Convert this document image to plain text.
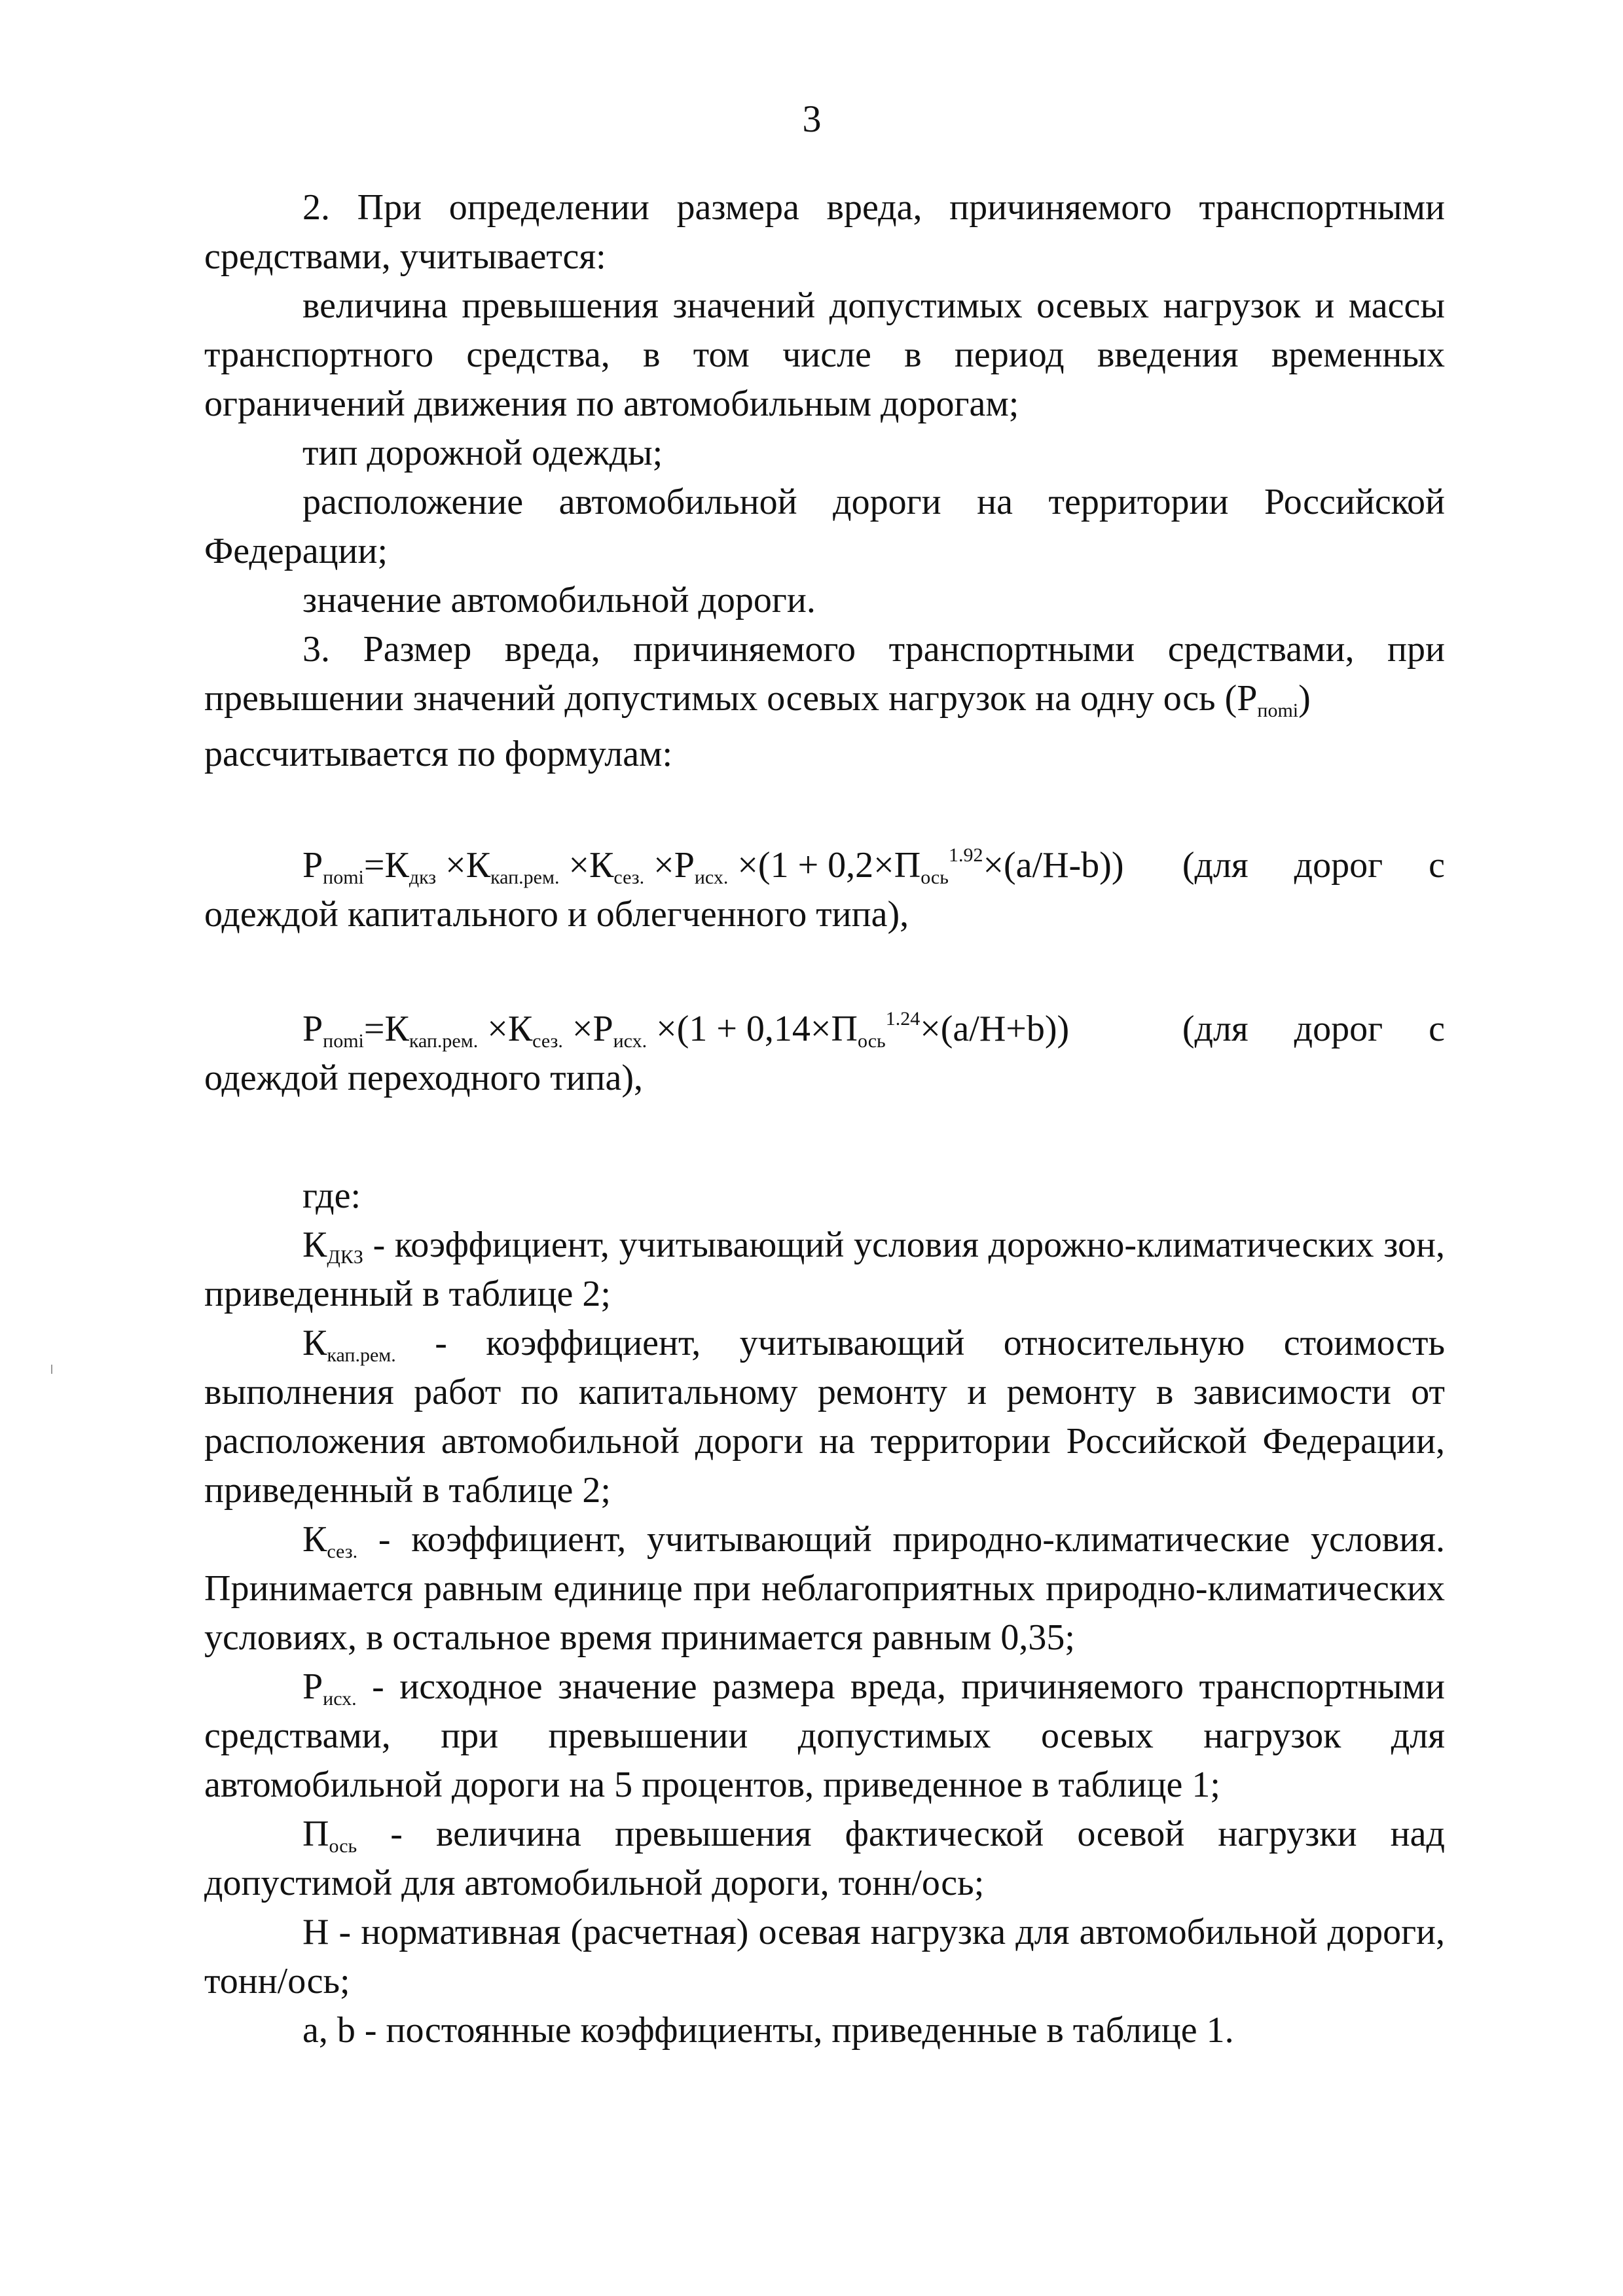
3

2. При определении размера вреда, причиняемого транспортными средствами, учитывается:

величина превышения значений допустимых осевых нагрузок и массы транспортного средства, в том числе в период введения временных ограничений движения по автомобильным дорогам;

тип дорожной одежды;

расположение автомобильной дороги на территории Российской Федерации;

значение автомобильной дороги.

3. Размер вреда, причиняемого транспортными средствами, при превышении значений допустимых осевых нагрузок на одну ось $(Р_{поmi})$

рассчитывается по формулам:

$Р_{поmi}=К_{дкз} \times К_{кап.рем.} \times К_{сез.} \times Р_{исх.} \times(1 + 0,2\times П_{ось}^{1.92}\times(a/H-b))$	(для дорог с

одеждой капитального и облегченного типа),

$Р_{поmi}=К_{кап.рем.} \times К_{сез.} \times Р_{исх.} \times(1 + 0,14\times П_{ось}^{1.24}\times(a/H+b))$	(для дорог с

одеждой переходного типа),

где:

$К_{ДКЗ}$ - коэффициент, учитывающий условия дорожно-климатических зон, приведенный в таблице 2;

$К_{кап.рем.}$ - коэффициент, учитывающий относительную стоимость выполнения работ по капитальному ремонту и ремонту в зависимости от расположения автомобильной дороги на территории Российской Федерации, приведенный в таблице 2;

$К_{сез.}$ - коэффициент, учитывающий природно-климатические условия. Принимается равным единице при неблагоприятных природно-климатических условиях, в остальное время принимается равным 0,35;

$Р_{исх.}$ - исходное значение размера вреда, причиняемого транспортными средствами, при превышении допустимых осевых нагрузок для автомобильной дороги на 5 процентов, приведенное в таблице 1;

$П_{ось}$ - величина превышения фактической осевой нагрузки над допустимой для автомобильной дороги, тонн/ось;

Н - нормативная (расчетная) осевая нагрузка для автомобильной дороги, тонн/ось;

a, b - постоянные коэффициенты, приведенные в таблице 1.
